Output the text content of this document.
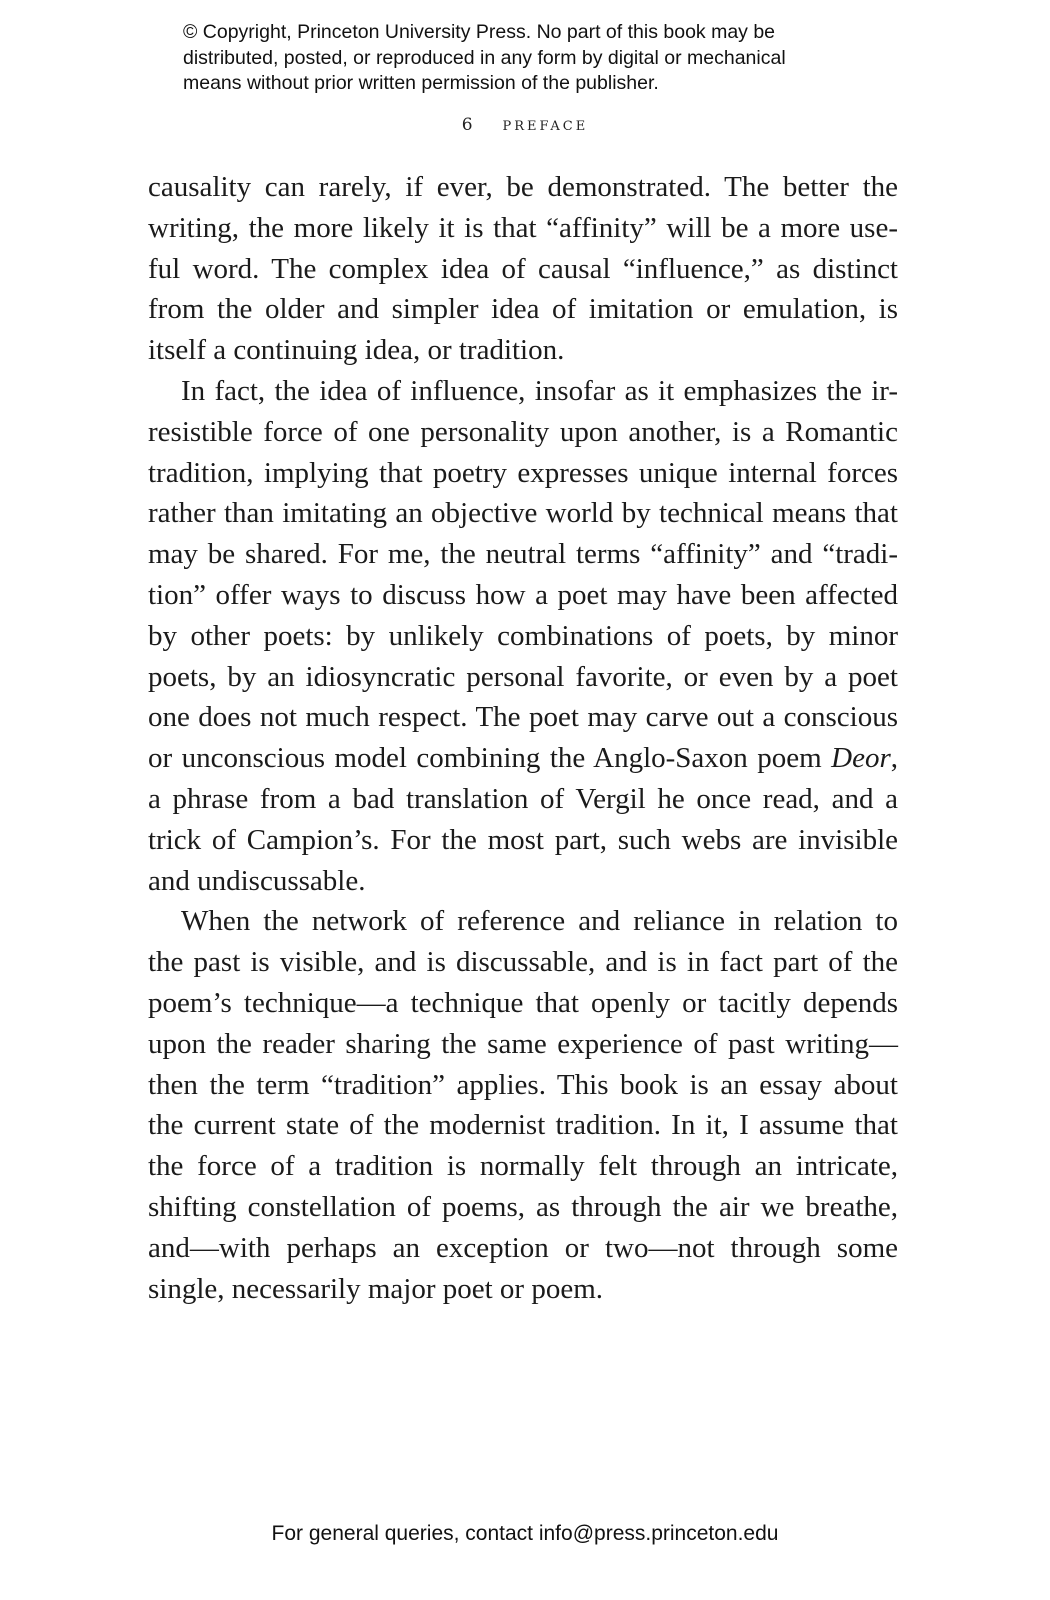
© Copyright, Princeton University Press. No part of this book may be
distributed, posted, or reproduced in any form by digital or mechanical
means without prior written permission of the publisher.
6 preface
causality can rarely, if ever, be demonstrated. The better the
writing, the more likely it is that “affinity” will be a more use-
ful word. The complex idea of causal “influence,” as distinct
from the older and simpler idea of imitation or emulation, is
itself a continuing idea, or tradition.
In fact, the idea of influence, insofar as it emphasizes the ir-
resistible force of one personality upon another, is a Romantic
tradition, implying that poetry expresses unique internal forces
rather than imitating an objective world by technical means that
may be shared. For me, the neutral terms “affinity” and “tradi-
tion” offer ways to discuss how a poet may have been affected
by other poets: by unlikely combinations of poets, by minor
poets, by an idiosyncratic personal favorite, or even by a poet
one does not much respect. The poet may carve out a conscious
or unconscious model combining the Anglo-Saxon poem Deor,
a phrase from a bad translation of Vergil he once read, and a
trick of Campion’s. For the most part, such webs are invisible
and undiscussable.
When the network of reference and reliance in relation to
the past is visible, and is discussable, and is in fact part of the
poem’s technique—a technique that openly or tacitly depends
upon the reader sharing the same experience of past writing—
then the term “tradition” applies. This book is an essay about
the current state of the modernist tradition. In it, I assume that
the force of a tradition is normally felt through an intricate,
shifting constellation of poems, as through the air we breathe,
and—with perhaps an exception or two—not through some
single, necessarily major poet or poem.
For general queries, contact info@press.princeton.edu
